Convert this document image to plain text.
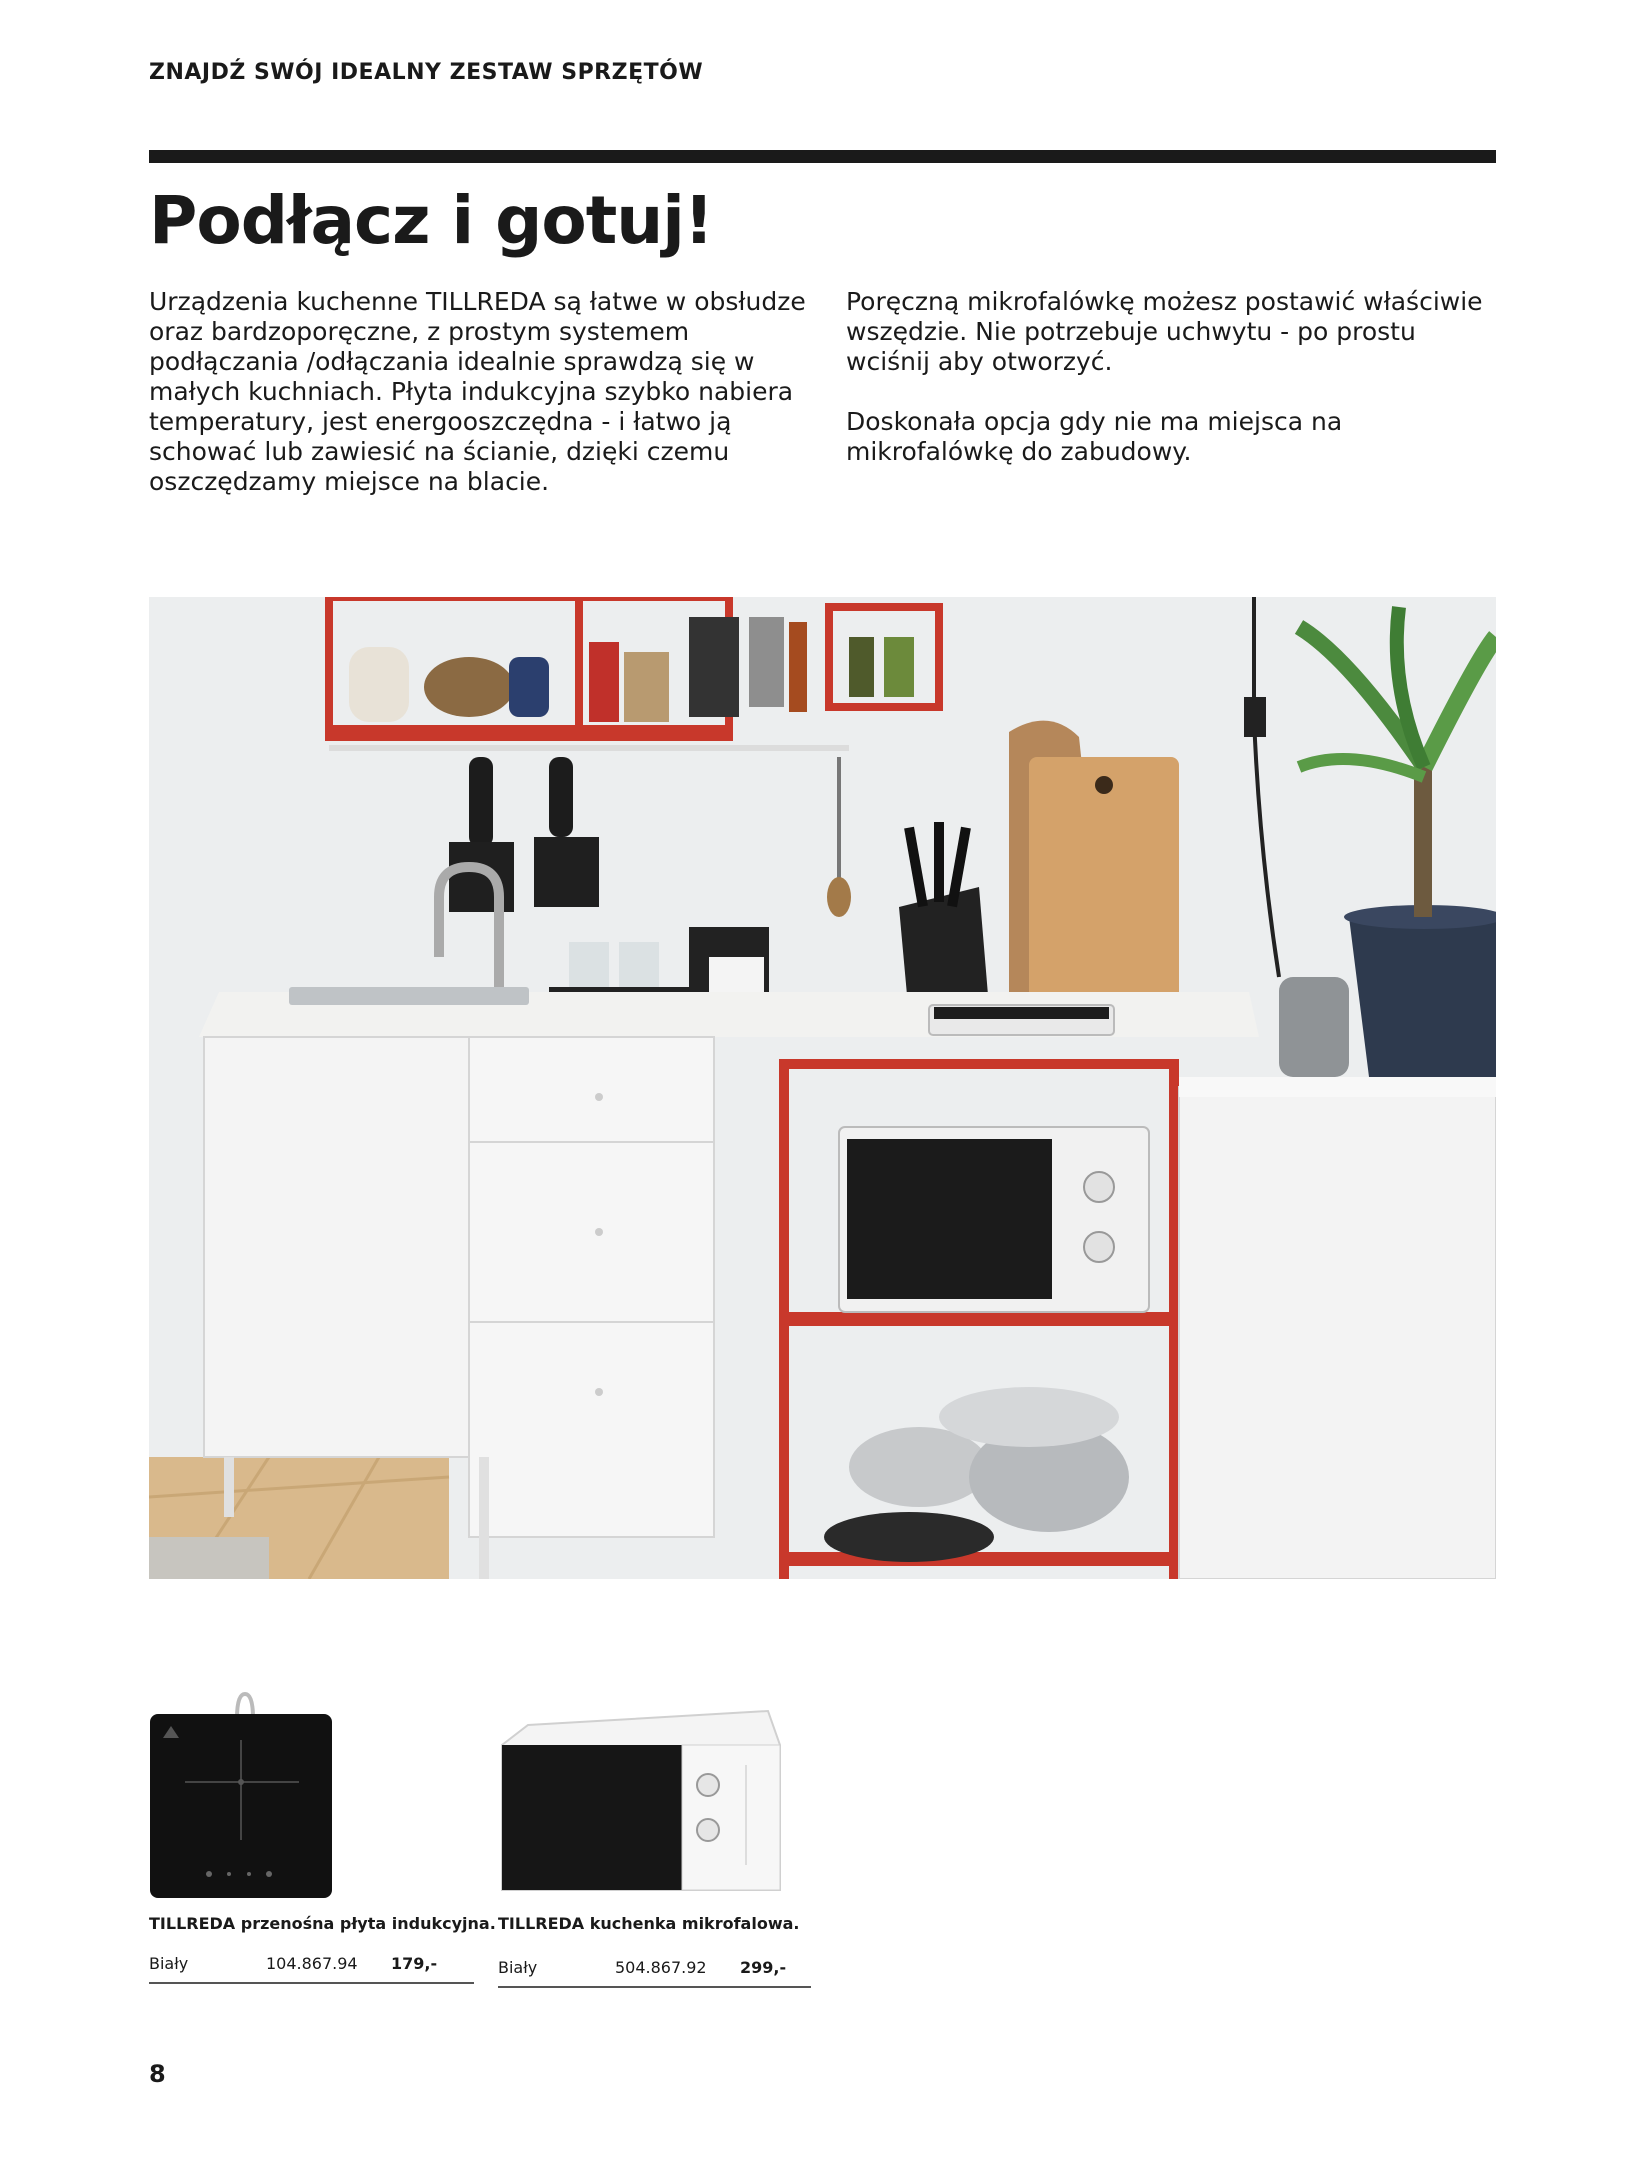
ZNAJDŹ SWÓJ IDEALNY ZESTAW SPRZĘTÓW
Podłącz i gotuj!

Urządzenia kuchenne TILLREDA są łatwe w obsłudze oraz bardzoporęczne, z prostym systemem podłączania /odłączania idealnie sprawdzą się w małych kuchniach. Płyta indukcyjna szybko nabiera temperatury, jest energooszczędna - i łatwo ją schować lub zawiesić na ścianie, dzięki czemu oszczędzamy miejsce na blacie.

Poręczną mikrofalówkę możesz postawić właściwie wszędzie. Nie potrzebuje uchwytu - po prostu wciśnij aby otworzyć.

Doskonała opcja gdy nie ma miejsca na mikrofalówkę do zabudowy.

TILLREDA przenośna płyta indukcyjna.
Biały	104.867.94 179,-
TILLREDA kuchenka mikrofalowa.
Biały	504.867.92 299,-
8
